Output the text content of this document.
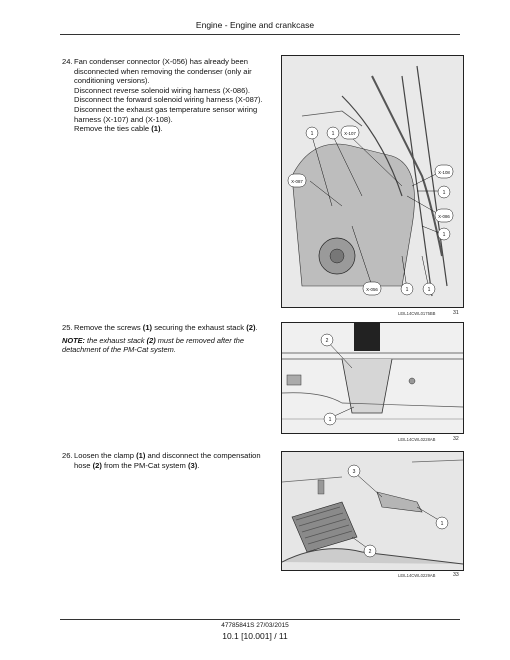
Engine - Engine and crankcase
24. Fan condenser connector (X-056) has already been disconnected when removing the condenser (only air conditioning versions).

Disconnect reverse solenoid wiring harness (X-086).

Disconnect the forward solenoid wiring harness (X-087).

Disconnect the exhaust gas temperature sensor wiring harness (X-107) and (X-108).

Remove the ties cable (1).

1	1 X-107
X-108
X-087
1
X-086
1
X-056	1	1
LEIL14CWL0175BB	31
25. Remove the screws (1) securing the exhaust stack (2).

NOTE: the exhaust stack (2) must be removed after the detachment of the PM-Cat system.
2
1
LEIL14CWL0228AB	32
26. Loosen the clamp (1) and disconnect the compensation hose (2) from the PM-Cat system (3).

3
1
2
LEIL14CWL0229AB	33
47785841S 27/03/2015
10.1 [10.001] / 11
